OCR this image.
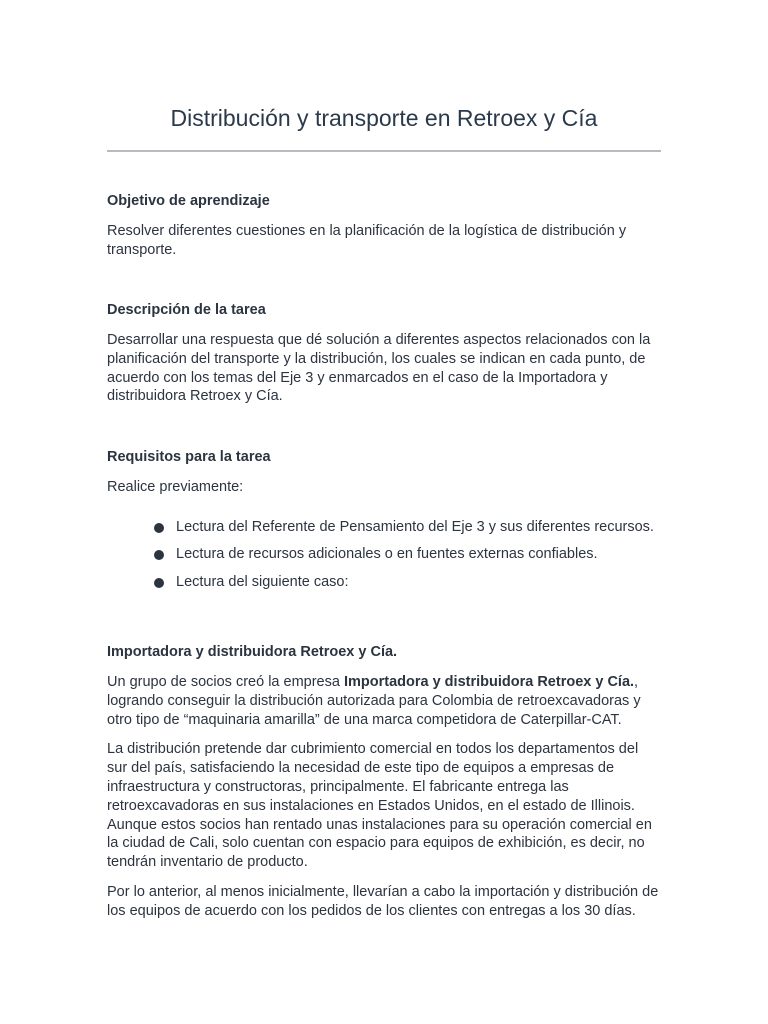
Distribución y transporte en Retroex y Cía
Objetivo de aprendizaje

Resolver diferentes cuestiones en la planificación de la logística de distribución y transporte.

Descripción de la tarea

Desarrollar una respuesta que dé solución a diferentes aspectos relacionados con la planificación del transporte y la distribución, los cuales se indican en cada punto, de acuerdo con los temas del Eje 3 y enmarcados en el caso de la Importadora y distribuidora Retroex y Cía.

Requisitos para la tarea

Realice previamente:

Lectura del Referente de Pensamiento del Eje 3 y sus diferentes recursos.
Lectura de recursos adicionales o en fuentes externas confiables.
Lectura del siguiente caso:
Importadora y distribuidora Retroex y Cía.

Un grupo de socios creó la empresa Importadora y distribuidora Retroex y Cía., logrando conseguir la distribución autorizada para Colombia de retroexcavadoras y otro tipo de “maquinaria amarilla” de una marca competidora de Caterpillar-CAT.

La distribución pretende dar cubrimiento comercial en todos los departamentos del sur del país, satisfaciendo la necesidad de este tipo de equipos a empresas de infraestructura y constructoras, principalmente. El fabricante entrega las retroexcavadoras en sus instalaciones en Estados Unidos, en el estado de Illinois. Aunque estos socios han rentado unas instalaciones para su operación comercial en la ciudad de Cali, solo cuentan con espacio para equipos de exhibición, es decir, no tendrán inventario de producto.

Por lo anterior, al menos inicialmente, llevarían a cabo la importación y distribución de los equipos de acuerdo con los pedidos de los clientes con entregas a los 30 días.
